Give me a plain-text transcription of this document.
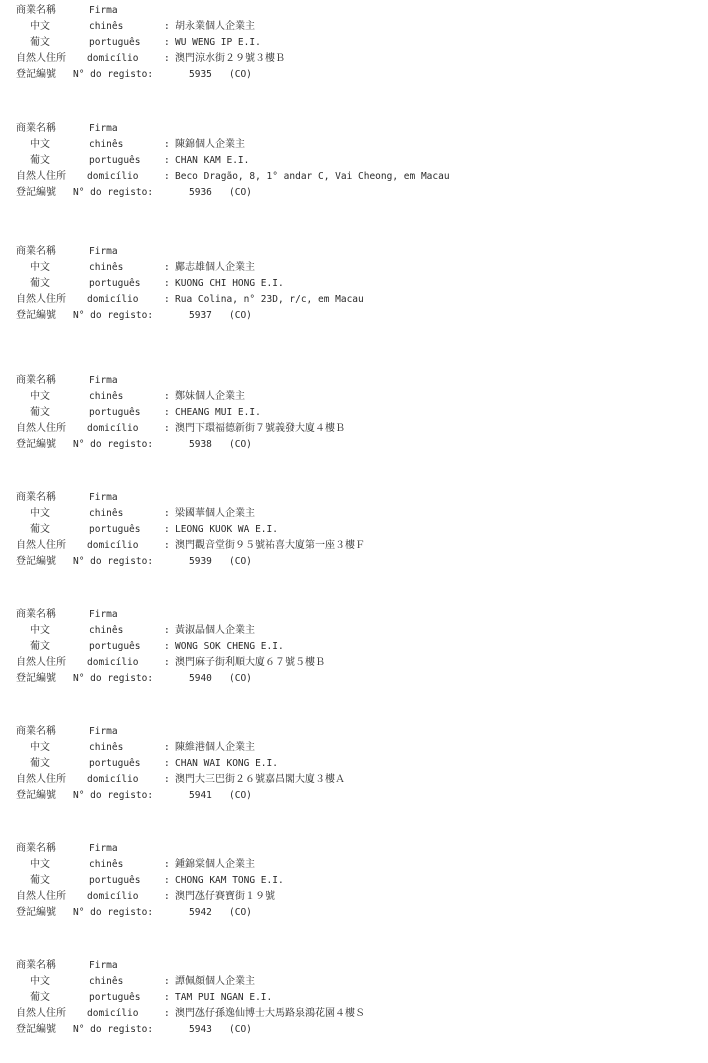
商業名稱	Firma
中文	chinês	: 胡永業個人企業主
葡文	português : WU WENG IP E.I.
自然人住所 domicílio	: 澳門涼水街２９號３樓Ｂ
登記編號 N° do registo:	5935 (CO)
商業名稱	Firma
中文	chinês	: 陳錦個人企業主
葡文	português : CHAN KAM E.I.
自然人住所 domicílio	: Beco Dragão, 8, 1° andar C, Vai Cheong, em Macau
登記編號 N° do registo:	5936 (CO)
商業名稱	Firma
中文	chinês	: 鄺志雄個人企業主
葡文	português : KUONG CHI HONG E.I.
自然人住所 domicílio	: Rua Colina, n° 23D, r/c, em Macau
登記編號 N° do registo:	5937 (CO)
商業名稱	Firma
中文	chinês	: 鄭妹個人企業主
葡文	português : CHEANG MUI E.I.
自然人住所 domicílio	: 澳門下環福德新街７號義發大廈４樓Ｂ
登記編號 N° do registo:	5938 (CO)
商業名稱	Firma
中文	chinês	: 梁國華個人企業主
葡文	português : LEONG KUOK WA E.I.
自然人住所 domicílio	: 澳門觀音堂街９５號祐喜大廈第一座３樓Ｆ
登記編號 N° do registo:	5939 (CO)
商業名稱	Firma
中文	chinês	: 黃淑晶個人企業主
葡文	português : WONG SOK CHENG E.I.
自然人住所 domicílio	: 澳門麻子街利順大廈６７號５樓Ｂ
登記編號 N° do registo:	5940 (CO)
商業名稱	Firma
中文	chinês	: 陳維港個人企業主
葡文	português : CHAN WAI KONG E.I.
自然人住所 domicílio	: 澳門大三巴街２６號嘉昌閣大廈３樓Ａ
登記編號 N° do registo:	5941 (CO)
商業名稱	Firma
中文	chinês	: 鍾錦棠個人企業主
葡文	português : CHONG KAM TONG E.I.
自然人住所 domicílio	: 澳門氹仔賽寶街１９號
登記編號 N° do registo:	5942 (CO)
商業名稱	Firma
中文	chinês	: 譚佩顏個人企業主
葡文	português : TAM PUI NGAN E.I.
自然人住所 domicílio	: 澳門氹仔孫逸仙博士大馬路泉鴻花園４樓Ｓ
登記編號 N° do registo:	5943 (CO)
